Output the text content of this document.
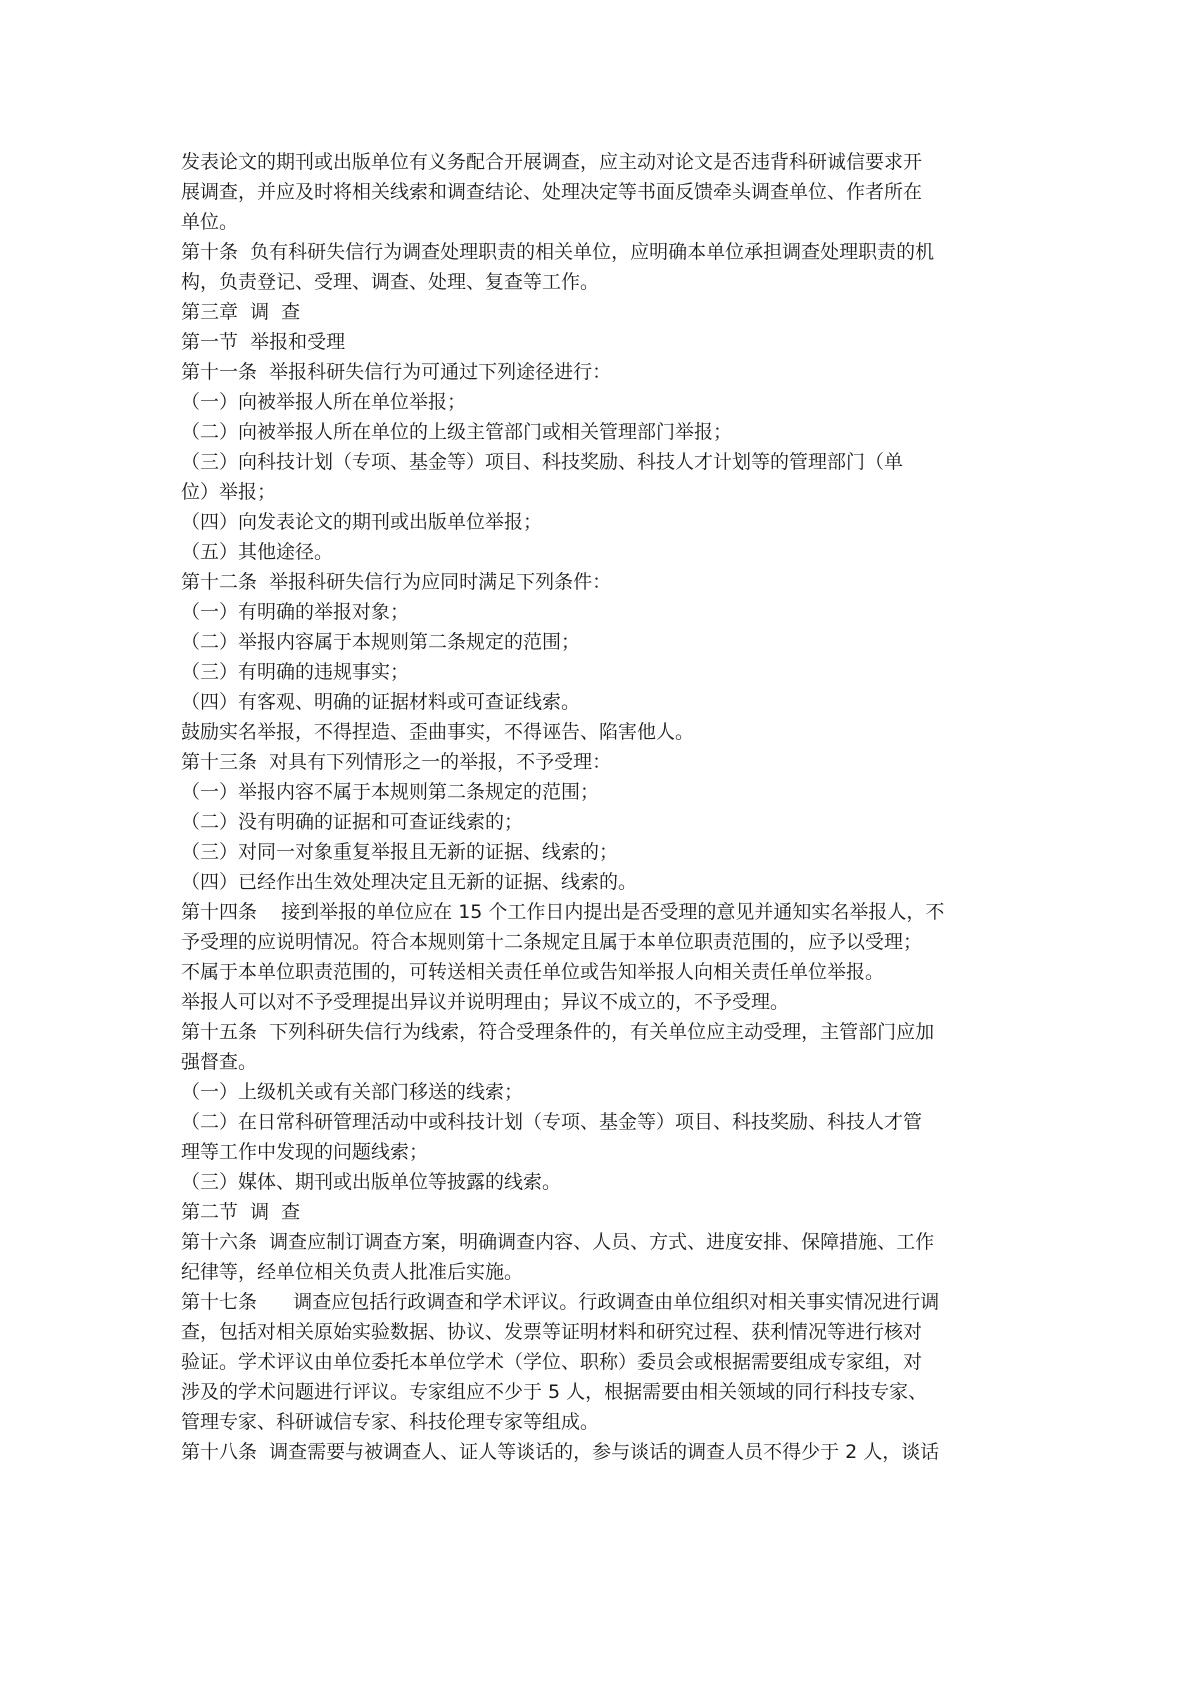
发表论文的期刊或出版单位有义务配合开展调查，应主动对论文是否违背科研诚信要求开
展调查，并应及时将相关线索和调查结论、处理决定等书面反馈牵头调查单位、作者所在
单位。
第十条  负有科研失信行为调查处理职责的相关单位，应明确本单位承担调查处理职责的机
构，负责登记、受理、调查、处理、复查等工作。
第三章  调  查
第一节  举报和受理
第十一条  举报科研失信行为可通过下列途径进行：
（一）向被举报人所在单位举报；
（二）向被举报人所在单位的上级主管部门或相关管理部门举报；
（三）向科技计划（专项、基金等）项目、科技奖励、科技人才计划等的管理部门（单
位）举报；
（四）向发表论文的期刊或出版单位举报；
（五）其他途径。
第十二条  举报科研失信行为应同时满足下列条件：
（一）有明确的举报对象；
（二）举报内容属于本规则第二条规定的范围；
（三）有明确的违规事实；
（四）有客观、明确的证据材料或可查证线索。
鼓励实名举报，不得捏造、歪曲事实，不得诬告、陷害他人。
第十三条  对具有下列情形之一的举报，不予受理：
（一）举报内容不属于本规则第二条规定的范围；
（二）没有明确的证据和可查证线索的；
（三）对同一对象重复举报且无新的证据、线索的；
（四）已经作出生效处理决定且无新的证据、线索的。
第十四条    接到举报的单位应在 15 个工作日内提出是否受理的意见并通知实名举报人，不
予受理的应说明情况。符合本规则第十二条规定且属于本单位职责范围的，应予以受理；
不属于本单位职责范围的，可转送相关责任单位或告知举报人向相关责任单位举报。
举报人可以对不予受理提出异议并说明理由；异议不成立的，不予受理。
第十五条  下列科研失信行为线索，符合受理条件的，有关单位应主动受理，主管部门应加
强督查。
（一）上级机关或有关部门移送的线索；
（二）在日常科研管理活动中或科技计划（专项、基金等）项目、科技奖励、科技人才管
理等工作中发现的问题线索；
（三）媒体、期刊或出版单位等披露的线索。
第二节  调  查
第十六条  调查应制订调查方案，明确调查内容、人员、方式、进度安排、保障措施、工作
纪律等，经单位相关负责人批准后实施。
第十七条      调查应包括行政调查和学术评议。行政调查由单位组织对相关事实情况进行调
查，包括对相关原始实验数据、协议、发票等证明材料和研究过程、获利情况等进行核对
验证。学术评议由单位委托本单位学术（学位、职称）委员会或根据需要组成专家组，对
涉及的学术问题进行评议。专家组应不少于 5 人，根据需要由相关领域的同行科技专家、
管理专家、科研诚信专家、科技伦理专家等组成。
第十八条  调查需要与被调查人、证人等谈话的，参与谈话的调查人员不得少于 2 人，谈话
